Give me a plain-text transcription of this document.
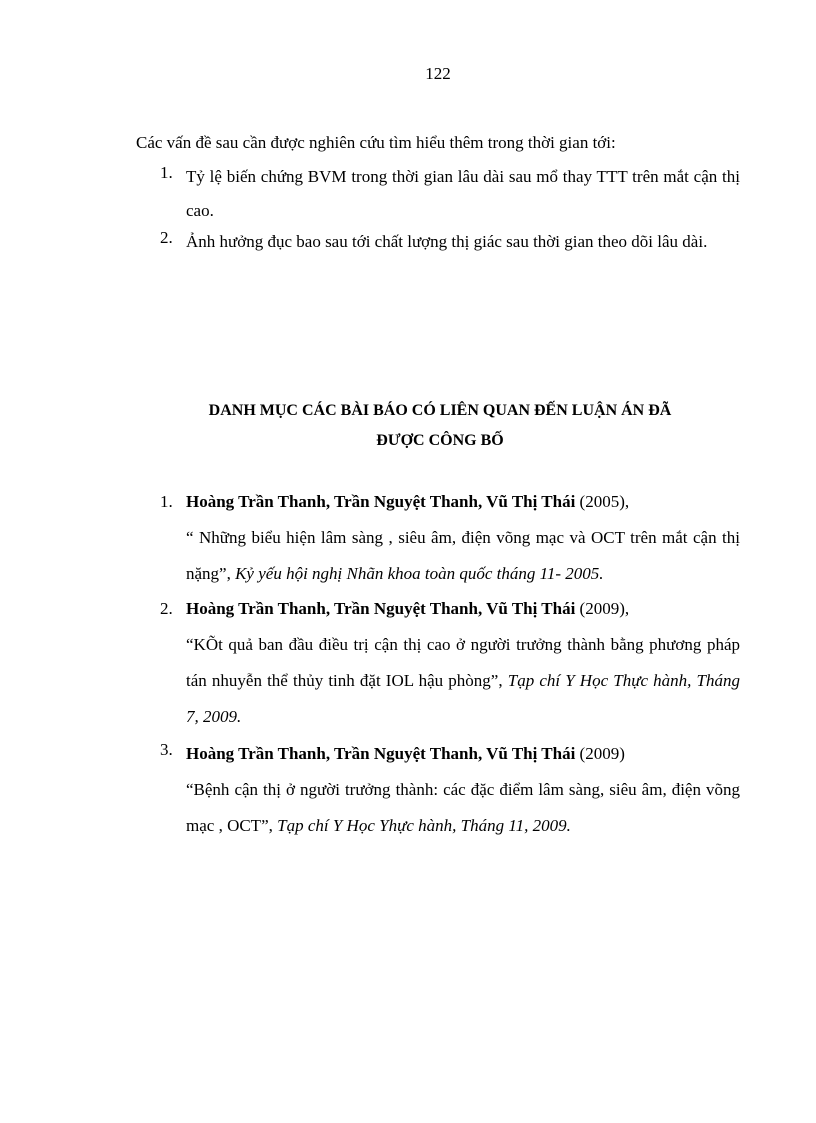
122
Các vấn đề sau cần được nghiên cứu tìm hiểu thêm trong thời gian tới:
1. Tỷ lệ biến chứng BVM trong thời gian lâu dài sau mổ thay TTT trên mắt cận thị cao.
2. Ảnh hưởng đục bao sau tới chất lượng thị giác sau thời gian theo dõi lâu dài.
DANH MỤC CÁC BÀI BÁO CÓ LIÊN QUAN ĐẾN LUẬN ÁN ĐÃ
ĐƯỢC CÔNG BỐ
1. Hoàng Trần Thanh, Trần Nguyệt Thanh, Vũ Thị Thái (2005),
“ Những biểu hiện lâm sàng , siêu âm, điện võng mạc và OCT trên mắt cận thị nặng”, Kỷ yếu hội nghị Nhãn khoa toàn quốc tháng 11- 2005.
2. Hoàng Trần Thanh, Trần Nguyệt Thanh, Vũ Thị Thái (2009),
“KÕt quả ban đầu điều trị cận thị cao ở người trưởng thành bằng phương pháp tán nhuyễn thể thủy tinh đặt IOL hậu phòng”, Tạp chí Y Học Thực hành, Tháng 7, 2009.
3. Hoàng Trần Thanh, Trần Nguyệt Thanh, Vũ Thị Thái (2009)
“Bệnh cận thị ở người trưởng thành: các đặc điểm lâm sàng, siêu âm, điện võng mạc , OCT”, Tạp chí Y Học Yhực hành, Tháng 11, 2009.
